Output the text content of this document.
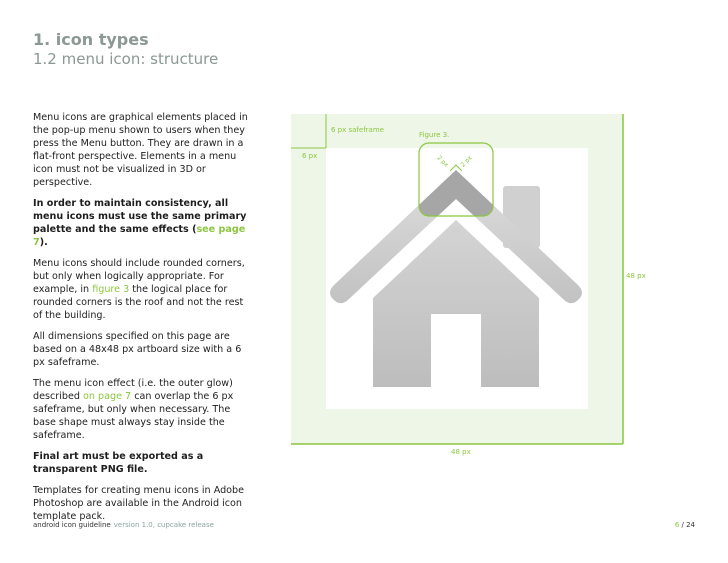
1. icon types
1.2 menu icon: structure

Menu icons are graphical elements placed in the pop-up menu shown to users when they press the Menu button. They are drawn in a flat-front perspective. Elements in a menu icon must not be visualized in 3D or perspective.

In order to maintain consistency, all menu icons must use the same primary palette and the same effects (see page 7).

Menu icons should include rounded corners, but only when logically appropriate. For example, in figure 3 the logical place for rounded corners is the roof and not the rest of the building.

All dimensions specified on this page are based on a 48x48 px artboard size with a 6 px safeframe.

The menu icon effect (i.e. the outer glow) described on page 7 can overlap the 6 px safeframe, but only when necessary. The base shape must always stay inside the safeframe.

Final art must be exported as a transparent PNG file.

Templates for creating menu icons in Adobe Photoshop are available in the Android icon template pack.

6 px safeframe
Figure 3.
6 px
48 px
48 px
2 px 2 px
android icon guideline version 1.0, cupcake release	6 / 24
